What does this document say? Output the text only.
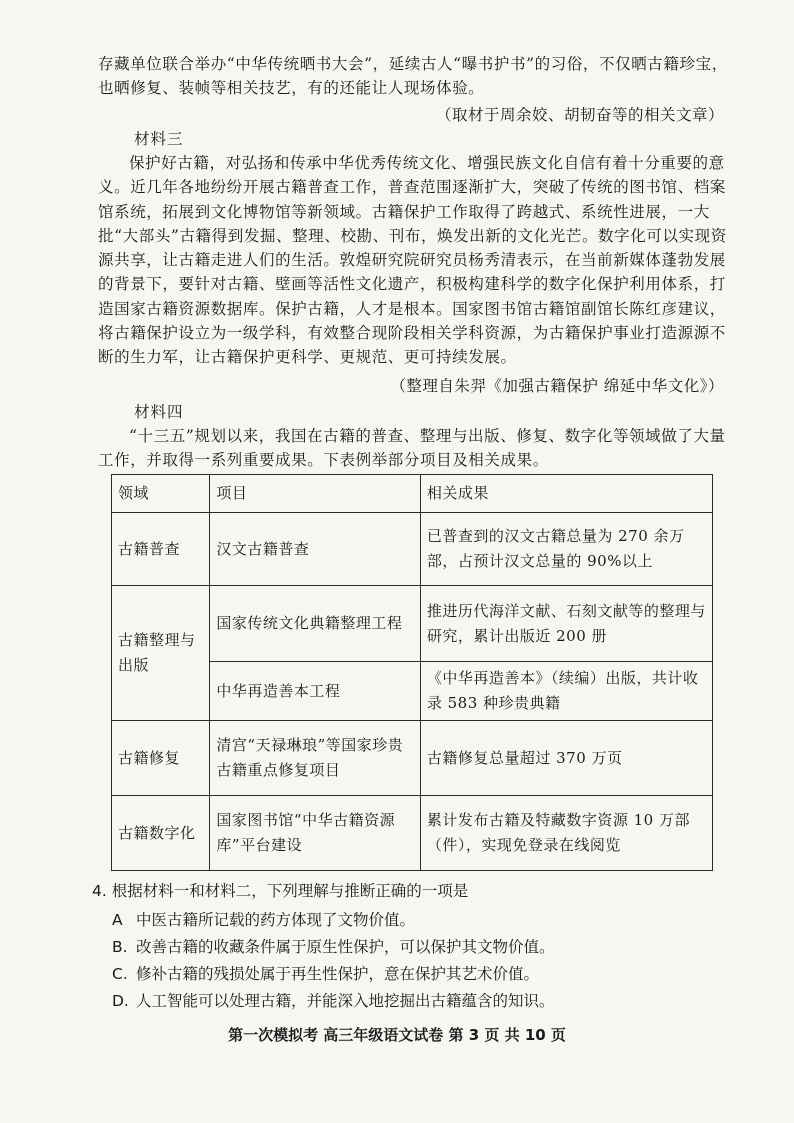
存藏单位联合举办“中华传统晒书大会”，延续古人“曝书护书”的习俗，不仅晒古籍珍宝，也晒修复、装帧等相关技艺，有的还能让人现场体验。

（取材于周余姣、胡韧奋等的相关文章）
材料三

保护好古籍，对弘扬和传承中华优秀传统文化、增强民族文化自信有着十分重要的意义。近几年各地纷纷开展古籍普查工作，普查范围逐渐扩大，突破了传统的图书馆、档案馆系统，拓展到文化博物馆等新领域。古籍保护工作取得了跨越式、系统性进展，一大批“大部头”古籍得到发掘、整理、校勘、刊布，焕发出新的文化光芒。数字化可以实现资源共享，让古籍走进人们的生活。敦煌研究院研究员杨秀清表示，在当前新媒体蓬勃发展的背景下，要针对古籍、壁画等活性文化遗产，积极构建科学的数字化保护利用体系，打造国家古籍资源数据库。保护古籍，人才是根本。国家图书馆古籍馆副馆长陈红彦建议，将古籍保护设立为一级学科，有效整合现阶段相关学科资源，为古籍保护事业打造源源不断的生力军，让古籍保护更科学、更规范、更可持续发展。

（整理自朱羿《加强古籍保护 绵延中华文化》）
材料四

“十三五”规划以来，我国在古籍的普查、整理与出版、修复、数字化等领域做了大量工作，并取得一系列重要成果。下表例举部分项目及相关成果。

领域	项目	相关成果
古籍普查	汉文古籍普查	已普查到的汉文古籍总量为 270 余万部，占预计汉文总量的 90%以上
古籍整理与出版	国家传统文化典籍整理工程	推进历代海洋文献、石刻文献等的整理与研究，累计出版近 200 册
	中华再造善本工程	《中华再造善本》（续编）出版，共计收录 583 种珍贵典籍
古籍修复	清宫“天禄琳琅”等国家珍贵古籍重点修复项目	古籍修复总量超过 370 万页
古籍数字化	国家图书馆“中华古籍资源库”平台建设	累计发布古籍及特藏数字资源 10 万部（件），实现免登录在线阅览
4. 根据材料一和材料二，下列理解与推断正确的一项是
A 中医古籍所记载的药方体现了文物价值。
B. 改善古籍的收藏条件属于原生性保护，可以保护其文物价值。
C. 修补古籍的残损处属于再生性保护，意在保护其艺术价值。
D. 人工智能可以处理古籍，并能深入地挖掘出古籍蕴含的知识。
第一次模拟考 高三年级语文试卷 第 3 页 共 10 页
